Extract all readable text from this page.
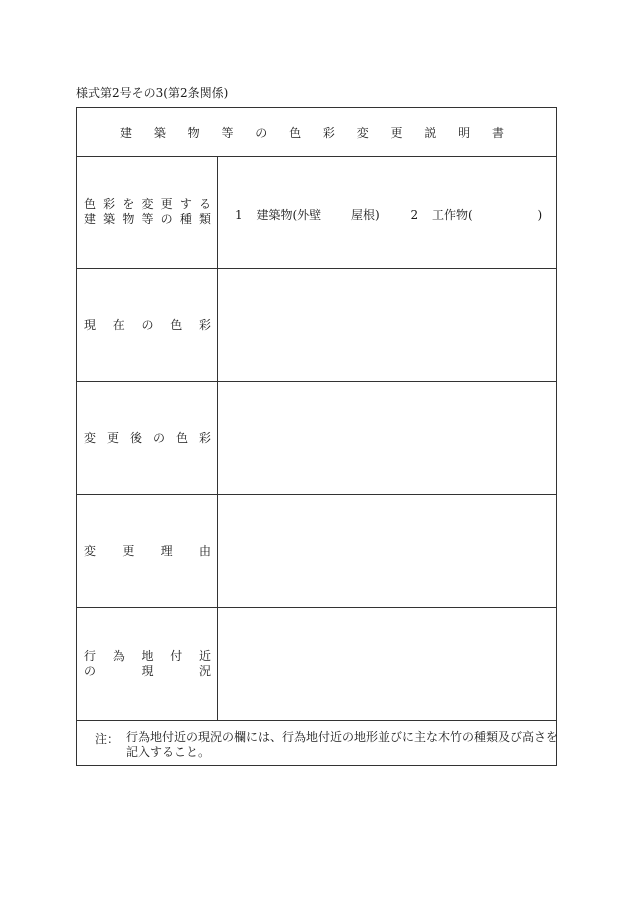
様式第2号その3(第2条関係)
建 築 物 等 の 色 彩 変 更 説 明 書
色 彩 を 変 更 す る
建 築 物 等 の 種 類 1 建築物(外壁 屋根)	2 工作物(	)
現 在 の 色 彩
変 更 後 の 色 彩
変 更 理 由
行 為 地 付 近
の 現 況
注： 行為地付近の現況の欄には、行為地付近の地形並びに主な木竹の種類及び高さを
記入すること。
